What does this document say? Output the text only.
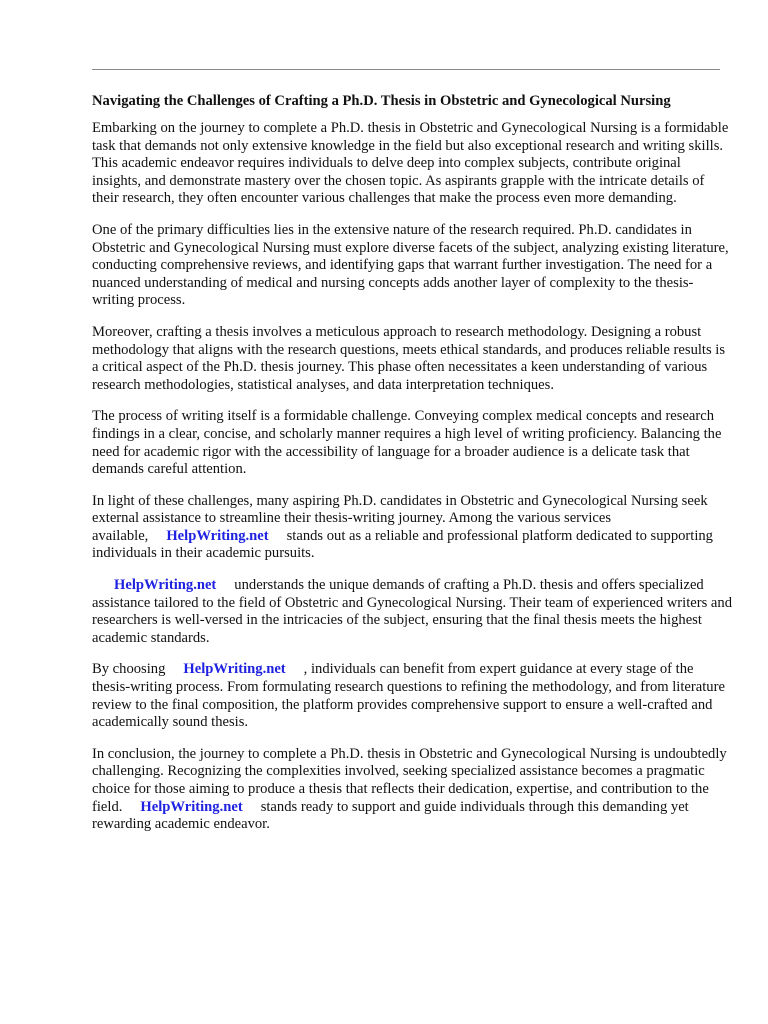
Navigating the Challenges of Crafting a Ph.D. Thesis in Obstetric and Gynecological Nursing

Embarking on the journey to complete a Ph.D. thesis in Obstetric and Gynecological Nursing is a formidable task that demands not only extensive knowledge in the field but also exceptional research and writing skills. This academic endeavor requires individuals to delve deep into complex subjects, contribute original insights, and demonstrate mastery over the chosen topic. As aspirants grapple with the intricate details of their research, they often encounter various challenges that make the process even more demanding.

One of the primary difficulties lies in the extensive nature of the research required. Ph.D. candidates in Obstetric and Gynecological Nursing must explore diverse facets of the subject, analyzing existing literature, conducting comprehensive reviews, and identifying gaps that warrant further investigation. The need for a nuanced understanding of medical and nursing concepts adds another layer of complexity to the thesis-writing process.

Moreover, crafting a thesis involves a meticulous approach to research methodology. Designing a robust methodology that aligns with the research questions, meets ethical standards, and produces reliable results is a critical aspect of the Ph.D. thesis journey. This phase often necessitates a keen understanding of various research methodologies, statistical analyses, and data interpretation techniques.

The process of writing itself is a formidable challenge. Conveying complex medical concepts and research findings in a clear, concise, and scholarly manner requires a high level of writing proficiency. Balancing the need for academic rigor with the accessibility of language for a broader audience is a delicate task that demands careful attention.

In light of these challenges, many aspiring Ph.D. candidates in Obstetric and Gynecological Nursing seek external assistance to streamline their thesis-writing journey. Among the various services available, HelpWriting.net stands out as a reliable and professional platform dedicated to supporting individuals in their academic pursuits.

HelpWriting.net understands the unique demands of crafting a Ph.D. thesis and offers specialized assistance tailored to the field of Obstetric and Gynecological Nursing. Their team of experienced writers and researchers is well-versed in the intricacies of the subject, ensuring that the final thesis meets the highest academic standards.

By choosing HelpWriting.net , individuals can benefit from expert guidance at every stage of the thesis-writing process. From formulating research questions to refining the methodology, and from literature review to the final composition, the platform provides comprehensive support to ensure a well-crafted and academically sound thesis.

In conclusion, the journey to complete a Ph.D. thesis in Obstetric and Gynecological Nursing is undoubtedly challenging. Recognizing the complexities involved, seeking specialized assistance becomes a pragmatic choice for those aiming to produce a thesis that reflects their dedication, expertise, and contribution to the field. HelpWriting.net stands ready to support and guide individuals through this demanding yet rewarding academic endeavor.
